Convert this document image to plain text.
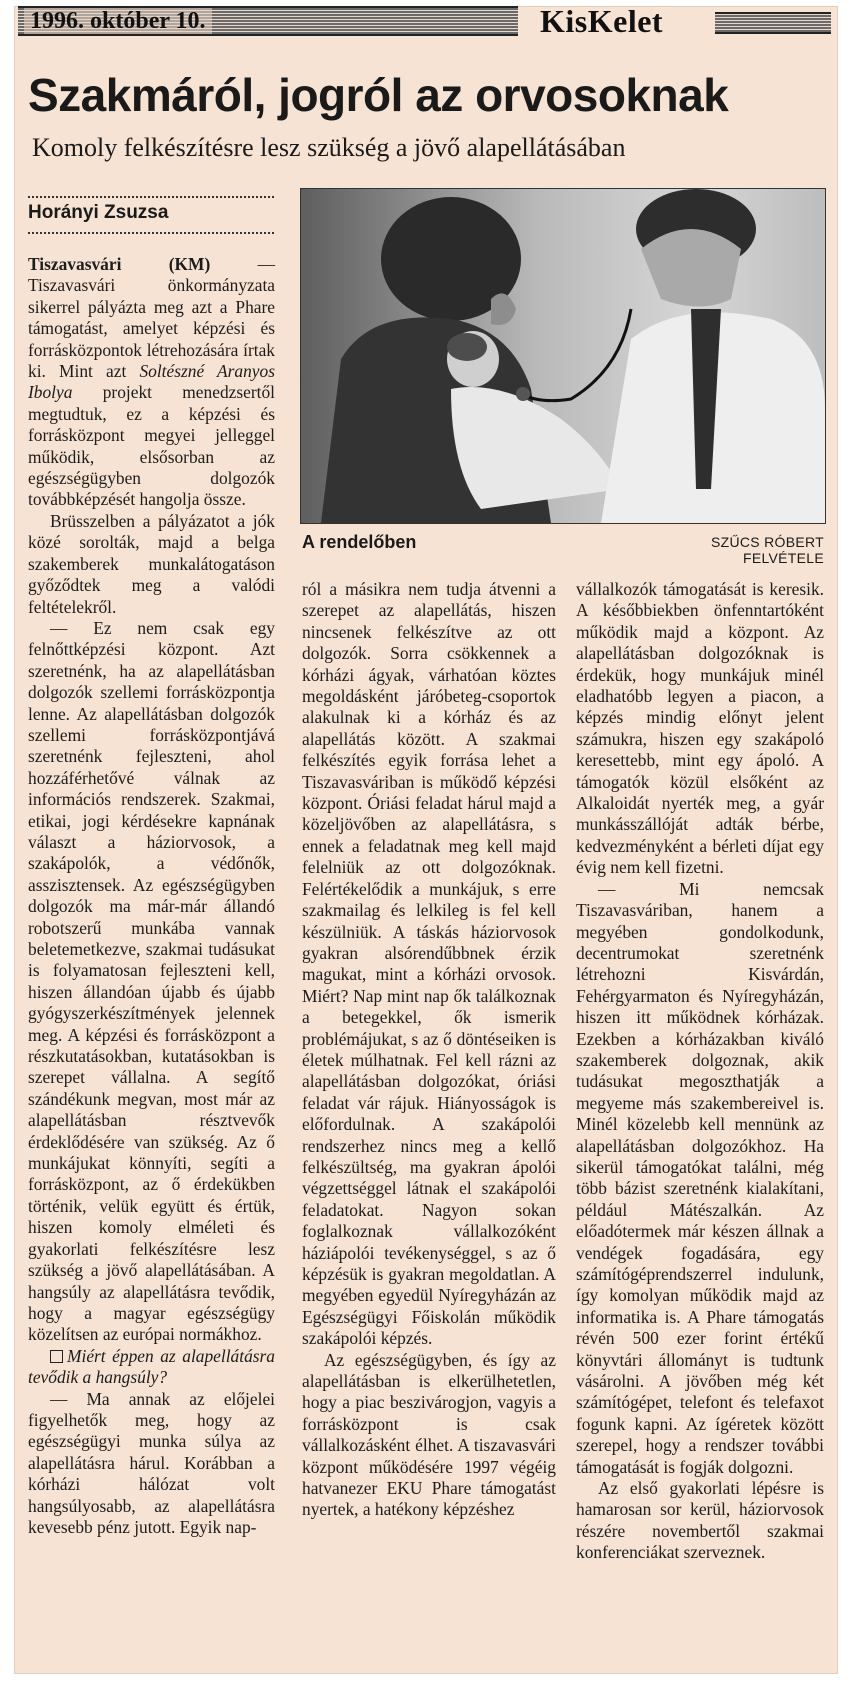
1996. október 10.	KisKelet
Szakmáról, jogról az orvosoknak
Komoly felkészítésre lesz szükség a jövő alapellátásában
Horányi Zsuzsa
A rendelőben	SZŰCS RÓBERT FELVÉTELE

Tiszavasvári (KM) — Tiszavasvári önkormányzata sikerrel pályázta meg azt a Phare támogatást, amelyet képzési és forrásközpontok létrehozására írtak ki. Mint azt Soltészné Aranyos Ibolya projekt menedzsertől megtudtuk, ez a képzési és forrásközpont megyei jelleggel működik, elsősorban az egészségügyben dolgozók továbbképzését hangolja össze.

Brüsszelben a pályázatot a jók közé sorolták, majd a belga szakemberek munkalátogatáson győződtek meg a valódi feltételekről.

— Ez nem csak egy felnőttképzési központ. Azt szeretnénk, ha az alapellátásban dolgozók szellemi forrásközpontja lenne. Az alapellátásban dolgozók szellemi forrásközpontjává szeretnénk fejleszteni, ahol hozzáférhetővé válnak az információs rendszerek. Szakmai, etikai, jogi kérdésekre kapnának választ a háziorvosok, a szakápolók, a védőnők, asszisztensek. Az egészségügyben dolgozók ma már-már állandó robotszerű munkába vannak beletemetkezve, szakmai tudásukat is folyamatosan fejleszteni kell, hiszen állandóan újabb és újabb gyógyszerkészítmények jelennek meg. A képzési és forrásközpont a részkutatásokban, kutatásokban is szerepet vállalna. A segítő szándékunk megvan, most már az alapellátásban résztvevők érdeklődésére van szükség. Az ő munkájukat könnyíti, segíti a forrásközpont, az ő érdekükben történik, velük együtt és értük, hiszen komoly elméleti és gyakorlati felkészítésre lesz szükség a jövő alapellátásában. A hangsúly az alapellátásra tevődik, hogy a magyar egészségügy közelítsen az európai normákhoz.

Miért éppen az alapellátásra tevődik a hangsúly?

— Ma annak az előjelei figyelhetők meg, hogy az egészségügyi munka súlya az alapellátásra hárul. Korábban a kórházi hálózat volt hangsúlyosabb, az alapellátásra kevesebb pénz jutott. Egyik nap-

ról a másikra nem tudja átvenni a szerepet az alapellátás, hiszen nincsenek felkészítve az ott dolgozók. Sorra csökkennek a kórházi ágyak, várhatóan köztes megoldásként járóbeteg-csoportok alakulnak ki a kórház és az alapellátás között. A szakmai felkészítés egyik forrása lehet a Tiszavasváriban is működő képzési központ. Óriási feladat hárul majd a közeljövőben az alapellátásra, s ennek a feladatnak meg kell majd felelniük az ott dolgozóknak. Felértékelődik a munkájuk, s erre szakmailag és lelkileg is fel kell készülniük. A táskás háziorvosok gyakran alsórendűbbnek érzik magukat, mint a kórházi orvosok. Miért? Nap mint nap ők találkoznak a betegekkel, ők ismerik problémájukat, s az ő döntéseiken is életek múlhatnak. Fel kell rázni az alapellátásban dolgozókat, óriási feladat vár rájuk. Hiányosságok is előfordulnak. A szakápolói rendszerhez nincs meg a kellő felkészültség, ma gyakran ápolói végzettséggel látnak el szakápolói feladatokat. Nagyon sokan foglalkoznak vállalkozóként háziápolói tevékenységgel, s az ő képzésük is gyakran megoldatlan. A megyében egyedül Nyíregyházán az Egészségügyi Főiskolán működik szakápolói képzés.

Az egészségügyben, és így az alapellátásban is elkerülhetetlen, hogy a piac beszivárogjon, vagyis a forrásközpont is csak vállalkozásként élhet. A tiszavasvári központ működésére 1997 végéig hatvanezer EKU Phare támogatást nyertek, a hatékony képzéshez

vállalkozók támogatását is keresik. A későbbiekben önfenntartóként működik majd a központ. Az alapellátásban dolgozóknak is érdekük, hogy munkájuk minél eladhatóbb legyen a piacon, a képzés mindig előnyt jelent számukra, hiszen egy szakápoló keresettebb, mint egy ápoló. A támogatók közül elsőként az Alkaloidát nyerték meg, a gyár munkásszállóját adták bérbe, kedvezményként a bérleti díjat egy évig nem kell fizetni.

— Mi nemcsak Tiszavasváriban, hanem a megyében gondolkodunk, decentrumokat szeretnénk létrehozni Kisvárdán, Fehérgyarmaton és Nyíregyházán, hiszen itt működnek kórházak. Ezekben a kórházakban kiváló szakemberek dolgoznak, akik tudásukat megoszthatják a megyeme más szakembereivel is. Minél közelebb kell mennünk az alapellátásban dolgozókhoz. Ha sikerül támogatókat találni, még több bázist szeretnénk kialakítani, például Mátészalkán. Az előadótermek már készen állnak a vendégek fogadására, egy számítógéprendszerrel indulunk, így komolyan működik majd az informatika is. A Phare támogatás révén 500 ezer forint értékű könyvtári állományt is tudtunk vásárolni. A jövőben még két számítógépet, telefont és telefaxot fogunk kapni. Az ígéretek között szerepel, hogy a rendszer további támogatását is fogják dolgozni.

Az első gyakorlati lépésre is hamarosan sor kerül, háziorvosok részére novembertől szakmai konferenciákat szerveznek.
